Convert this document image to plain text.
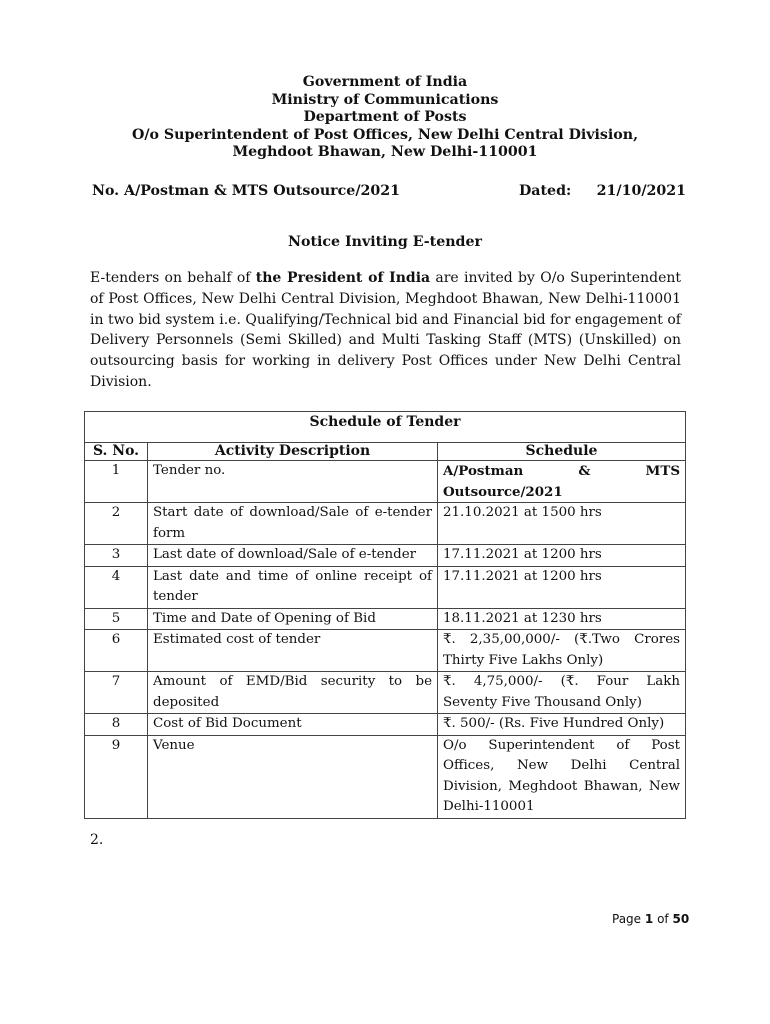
Government of India
Ministry of Communications
Department of Posts
O/o Superintendent of Post Offices, New Delhi Central Division,
Meghdoot Bhawan, New Delhi-110001
No. A/Postman & MTS Outsource/2021	Dated: 21/10/2021
Notice Inviting E-tender
E-tenders on behalf of the President of India are invited by O/o Superintendent of Post Offices, New Delhi Central Division, Meghdoot Bhawan, New Delhi-110001 in two bid system i.e. Qualifying/Technical bid and Financial bid for engagement of Delivery Personnels (Semi Skilled) and Multi Tasking Staff (MTS) (Unskilled) on outsourcing basis for working in delivery Post Offices under New Delhi Central Division.
Schedule of Tender		
S. No.	Activity Description	Schedule
1	Tender no.	A/Postman & MTS Outsource/2021

2	Start date of download/Sale of e-tender form	21.10.2021 at 1500 hrs
3	Last date of download/Sale of e-tender	17.11.2021 at 1200 hrs
4	Last date and time of online receipt of tender	17.11.2021 at 1200 hrs
5	Time and Date of Opening of Bid	18.11.2021 at 1230 hrs
6	Estimated cost of tender	₹. 2,35,00,000/- (₹.Two Crores Thirty Five Lakhs Only)
7	Amount of EMD/Bid security to be deposited	₹. 4,75,000/- (₹. Four Lakh Seventy Five Thousand Only)
8	Cost of Bid Document	₹. 500/- (Rs. Five Hundred Only)
9	Venue	O/o Superintendent of Post Offices, New Delhi Central Division, Meghdoot Bhawan, New Delhi-110001
2.
Page 1 of 50
